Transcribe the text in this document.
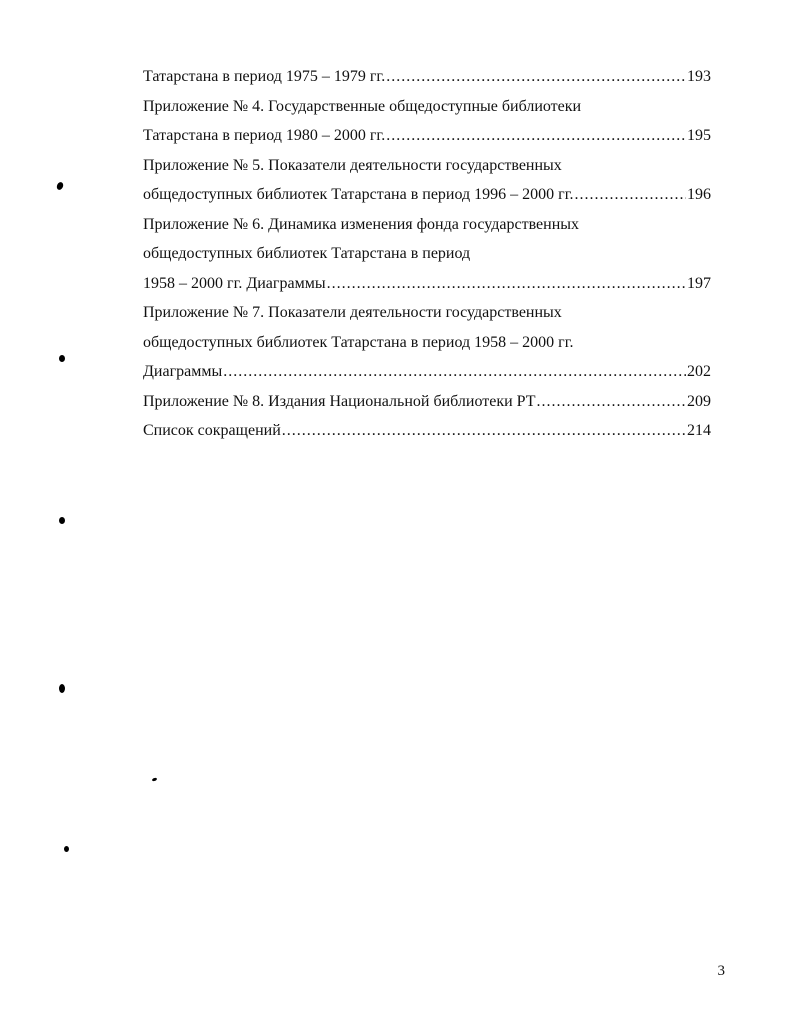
Татарстана в период 1975 – 1979 гг. .....	193
Приложение № 4. Государственные общедоступные библиотеки
Татарстана в период 1980 – 2000 гг. .....	195
Приложение № 5. Показатели деятельности государственных
общедоступных библиотек Татарстана в период 1996 – 2000 гг. .....	196
Приложение № 6. Динамика изменения фонда государственных
общедоступных библиотек Татарстана в период
1958 – 2000 гг. Диаграммы .....	197
Приложение № 7. Показатели деятельности государственных
общедоступных библиотек Татарстана в период 1958 – 2000 гг.
Диаграммы .....	202
Приложение № 8. Издания Национальной библиотеки РТ .....	209
Список сокращений .....	214
3
